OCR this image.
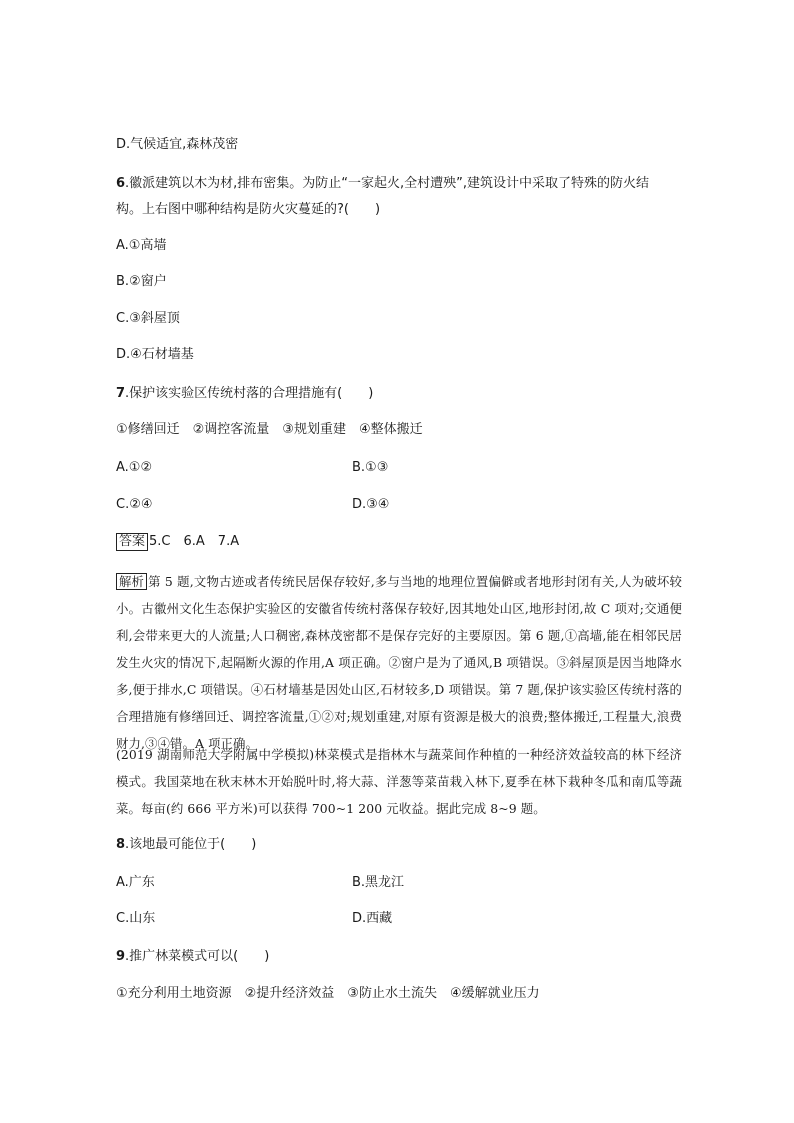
D.气候适宜,森林茂密
6.徽派建筑以木为材,排布密集。为防止“一家起火,全村遭殃”,建筑设计中采取了特殊的防火结
构。上右图中哪种结构是防火灾蔓延的?(　　)
A.①高墙
B.②窗户
C.③斜屋顶
D.④石材墙基
7.保护该实验区传统村落的合理措施有(　　)
①修缮回迁　②调控客流量　③规划重建　④整体搬迁
A.①②	B.①③
C.②④	D.③④
答案 5.C　6.A　7.A
解析 第 5 题,文物古迹或者传统民居保存较好,多与当地的地理位置偏僻或者地形封闭有关,人为破坏较小。古徽州文化生态保护实验区的安徽省传统村落保存较好,因其地处山区,地形封闭,故 C 项对;交通便利,会带来更大的人流量;人口稠密,森林茂密都不是保存完好的主要原因。第 6 题,①高墙,能在相邻民居发生火灾的情况下,起隔断火源的作用,A 项正确。②窗户是为了通风,B 项错误。③斜屋顶是因当地降水多,便于排水,C 项错误。④石材墙基是因处山区,石材较多,D 项错误。第 7 题,保护该实验区传统村落的合理措施有修缮回迁、调控客流量,①②对;规划重建,对原有资源是极大的浪费;整体搬迁,工程量大,浪费财力,③④错。A 项正确。
(2019 湖南师范大学附属中学模拟)林菜模式是指林木与蔬菜间作种植的一种经济效益较高的林下经济模式。我国菜地在秋末林木开始脱叶时,将大蒜、洋葱等菜苗栽入林下,夏季在林下栽种冬瓜和南瓜等蔬菜。每亩(约 666 平方米)可以获得 700~1 200 元收益。据此完成 8~9 题。
8.该地最可能位于(　　)
A.广东	B.黑龙江
C.山东	D.西藏
9.推广林菜模式可以(　　)
①充分利用土地资源　②提升经济效益　③防止水土流失　④缓解就业压力
